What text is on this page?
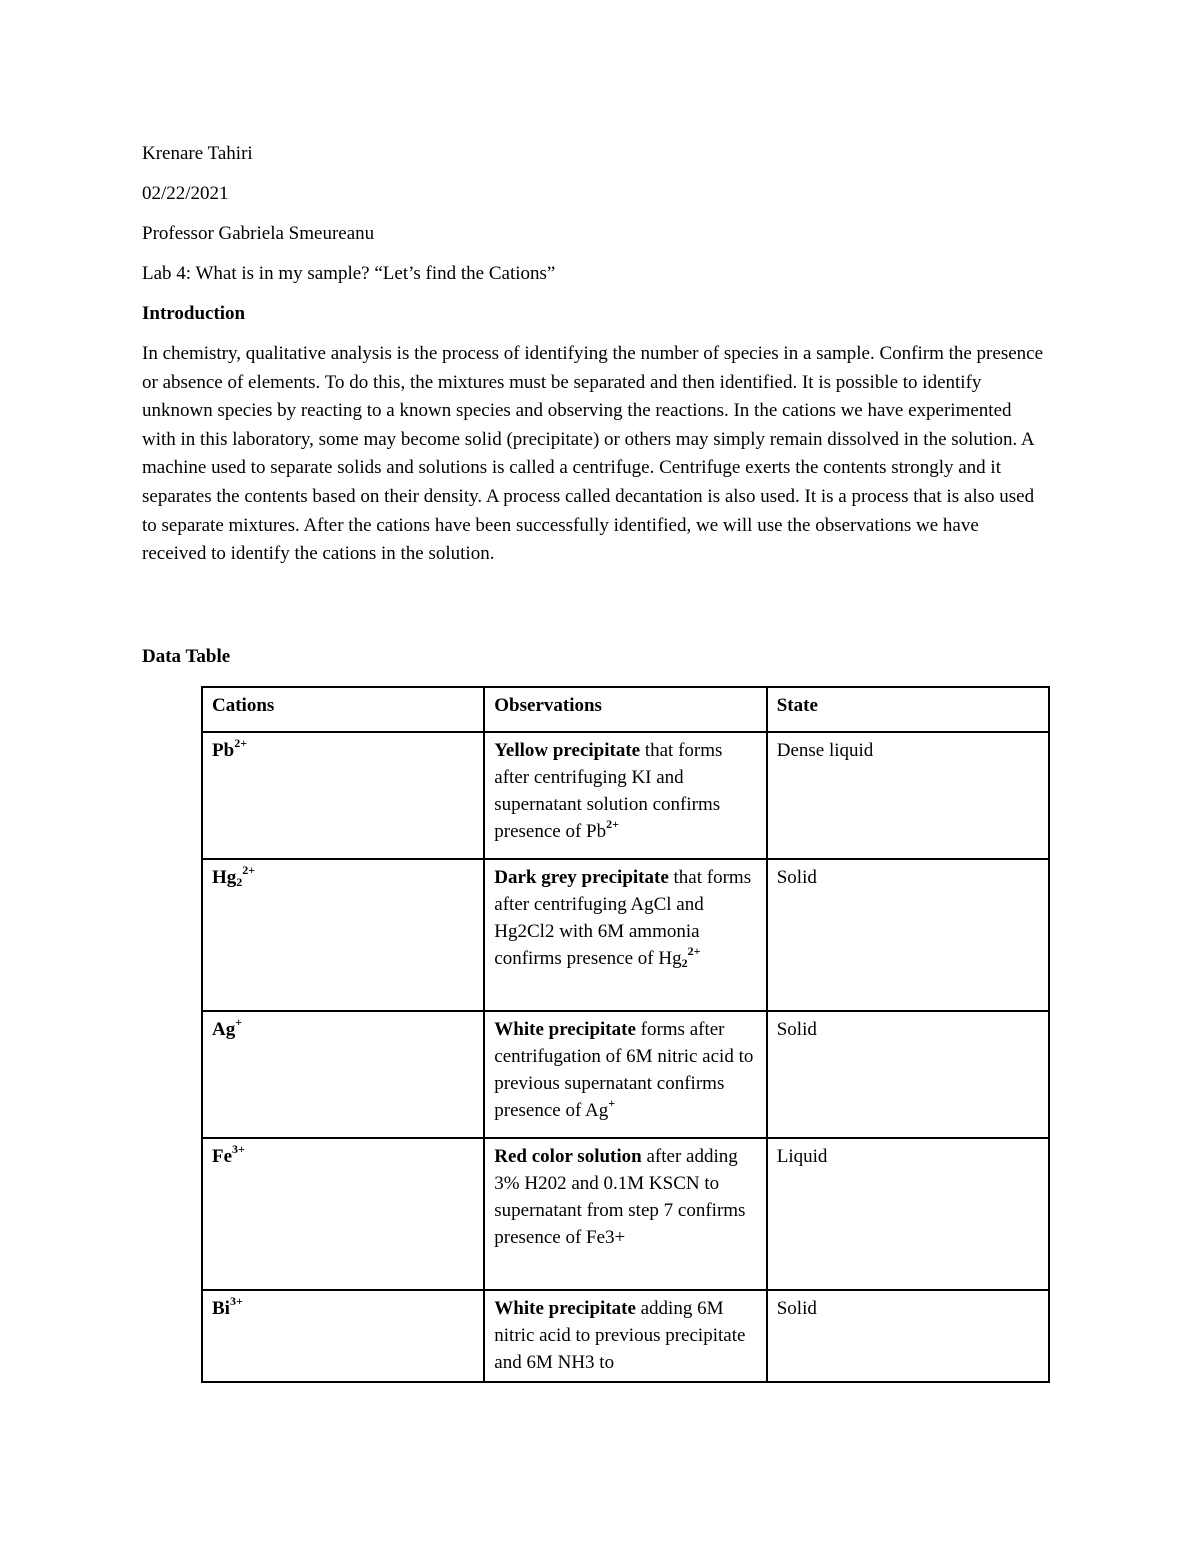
Krenare Tahiri

02/22/2021

Professor Gabriela Smeureanu

Lab 4: What is in my sample? “Let’s find the Cations”

Introduction

In chemistry, qualitative analysis is the process of identifying the number of species in a sample. Confirm the presence or absence of elements. To do this, the mixtures must be separated and then identified. It is possible to identify unknown species by reacting to a known species and observing the reactions. In the cations we have experimented with in this laboratory, some may become solid (precipitate) or others may simply remain dissolved in the solution. A machine used to separate solids and solutions is called a centrifuge. Centrifuge exerts the contents strongly and it separates the contents based on their density. A process called decantation is also used. It is a process that is also used to separate mixtures. After the cations have been successfully identified, we will use the observations we have received to identify the cations in the solution.

Data Table
Cations	Observations	State
$Pb^{2+}$	Yellow precipitate that forms after centrifuging KI and supernatant solution confirms presence of $Pb^{2+}$	Dense liquid
$Hg_2^{2+}$	Dark grey precipitate that forms after centrifuging AgCl and Hg2Cl2 with 6M ammonia confirms presence of $Hg_2^{2+}$	Solid
Ag+	White precipitate forms after centrifugation of 6M nitric acid to previous supernatant confirms presence of Ag+	Solid
$Fe^{3+}$	Red color solution after adding 3% H202 and 0.1M KSCN to supernatant from step 7 confirms presence of Fe3+	Liquid
$Bi^{3+}$	White precipitate adding 6M nitric acid to previous precipitate and 6M NH3 to	Solid
